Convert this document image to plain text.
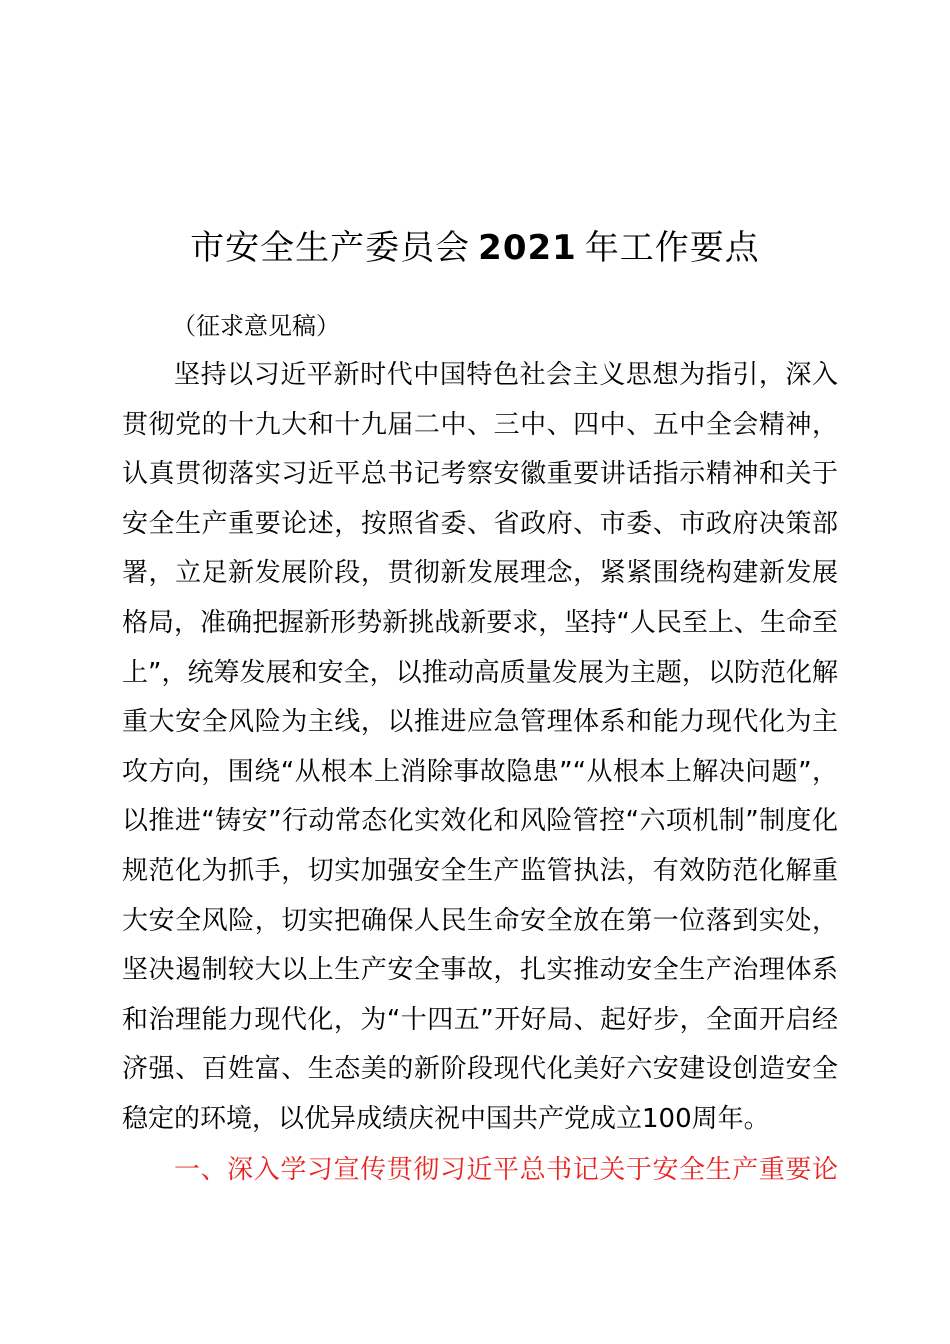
市安全生产委员会 2021 年工作要点
（征求意见稿）
坚持以习近平新时代中国特色社会主义思想为指引，深入
贯彻党的十九大和十九届二中、三中、四中、五中全会精神，
认真贯彻落实习近平总书记考察安徽重要讲话指示精神和关于
安全生产重要论述，按照省委、省政府、市委、市政府决策部
署，立足新发展阶段，贯彻新发展理念，紧紧围绕构建新发展
格局，准确把握新形势新挑战新要求，坚持“人民至上、生命至
上”，统筹发展和安全，以推动高质量发展为主题，以防范化解
重大安全风险为主线，以推进应急管理体系和能力现代化为主
攻方向，围绕“从根本上消除事故隐患”“从根本上解决问题”，
以推进“铸安”行动常态化实效化和风险管控“六项机制”制度化
规范化为抓手，切实加强安全生产监管执法，有效防范化解重
大安全风险，切实把确保人民生命安全放在第一位落到实处，
坚决遏制较大以上生产安全事故，扎实推动安全生产治理体系
和治理能力现代化，为“十四五”开好局、起好步，全面开启经
济强、百姓富、生态美的新阶段现代化美好六安建设创造安全
稳定的环境，以优异成绩庆祝中国共产党成立100周年。
一、深入学习宣传贯彻习近平总书记关于安全生产重要论
